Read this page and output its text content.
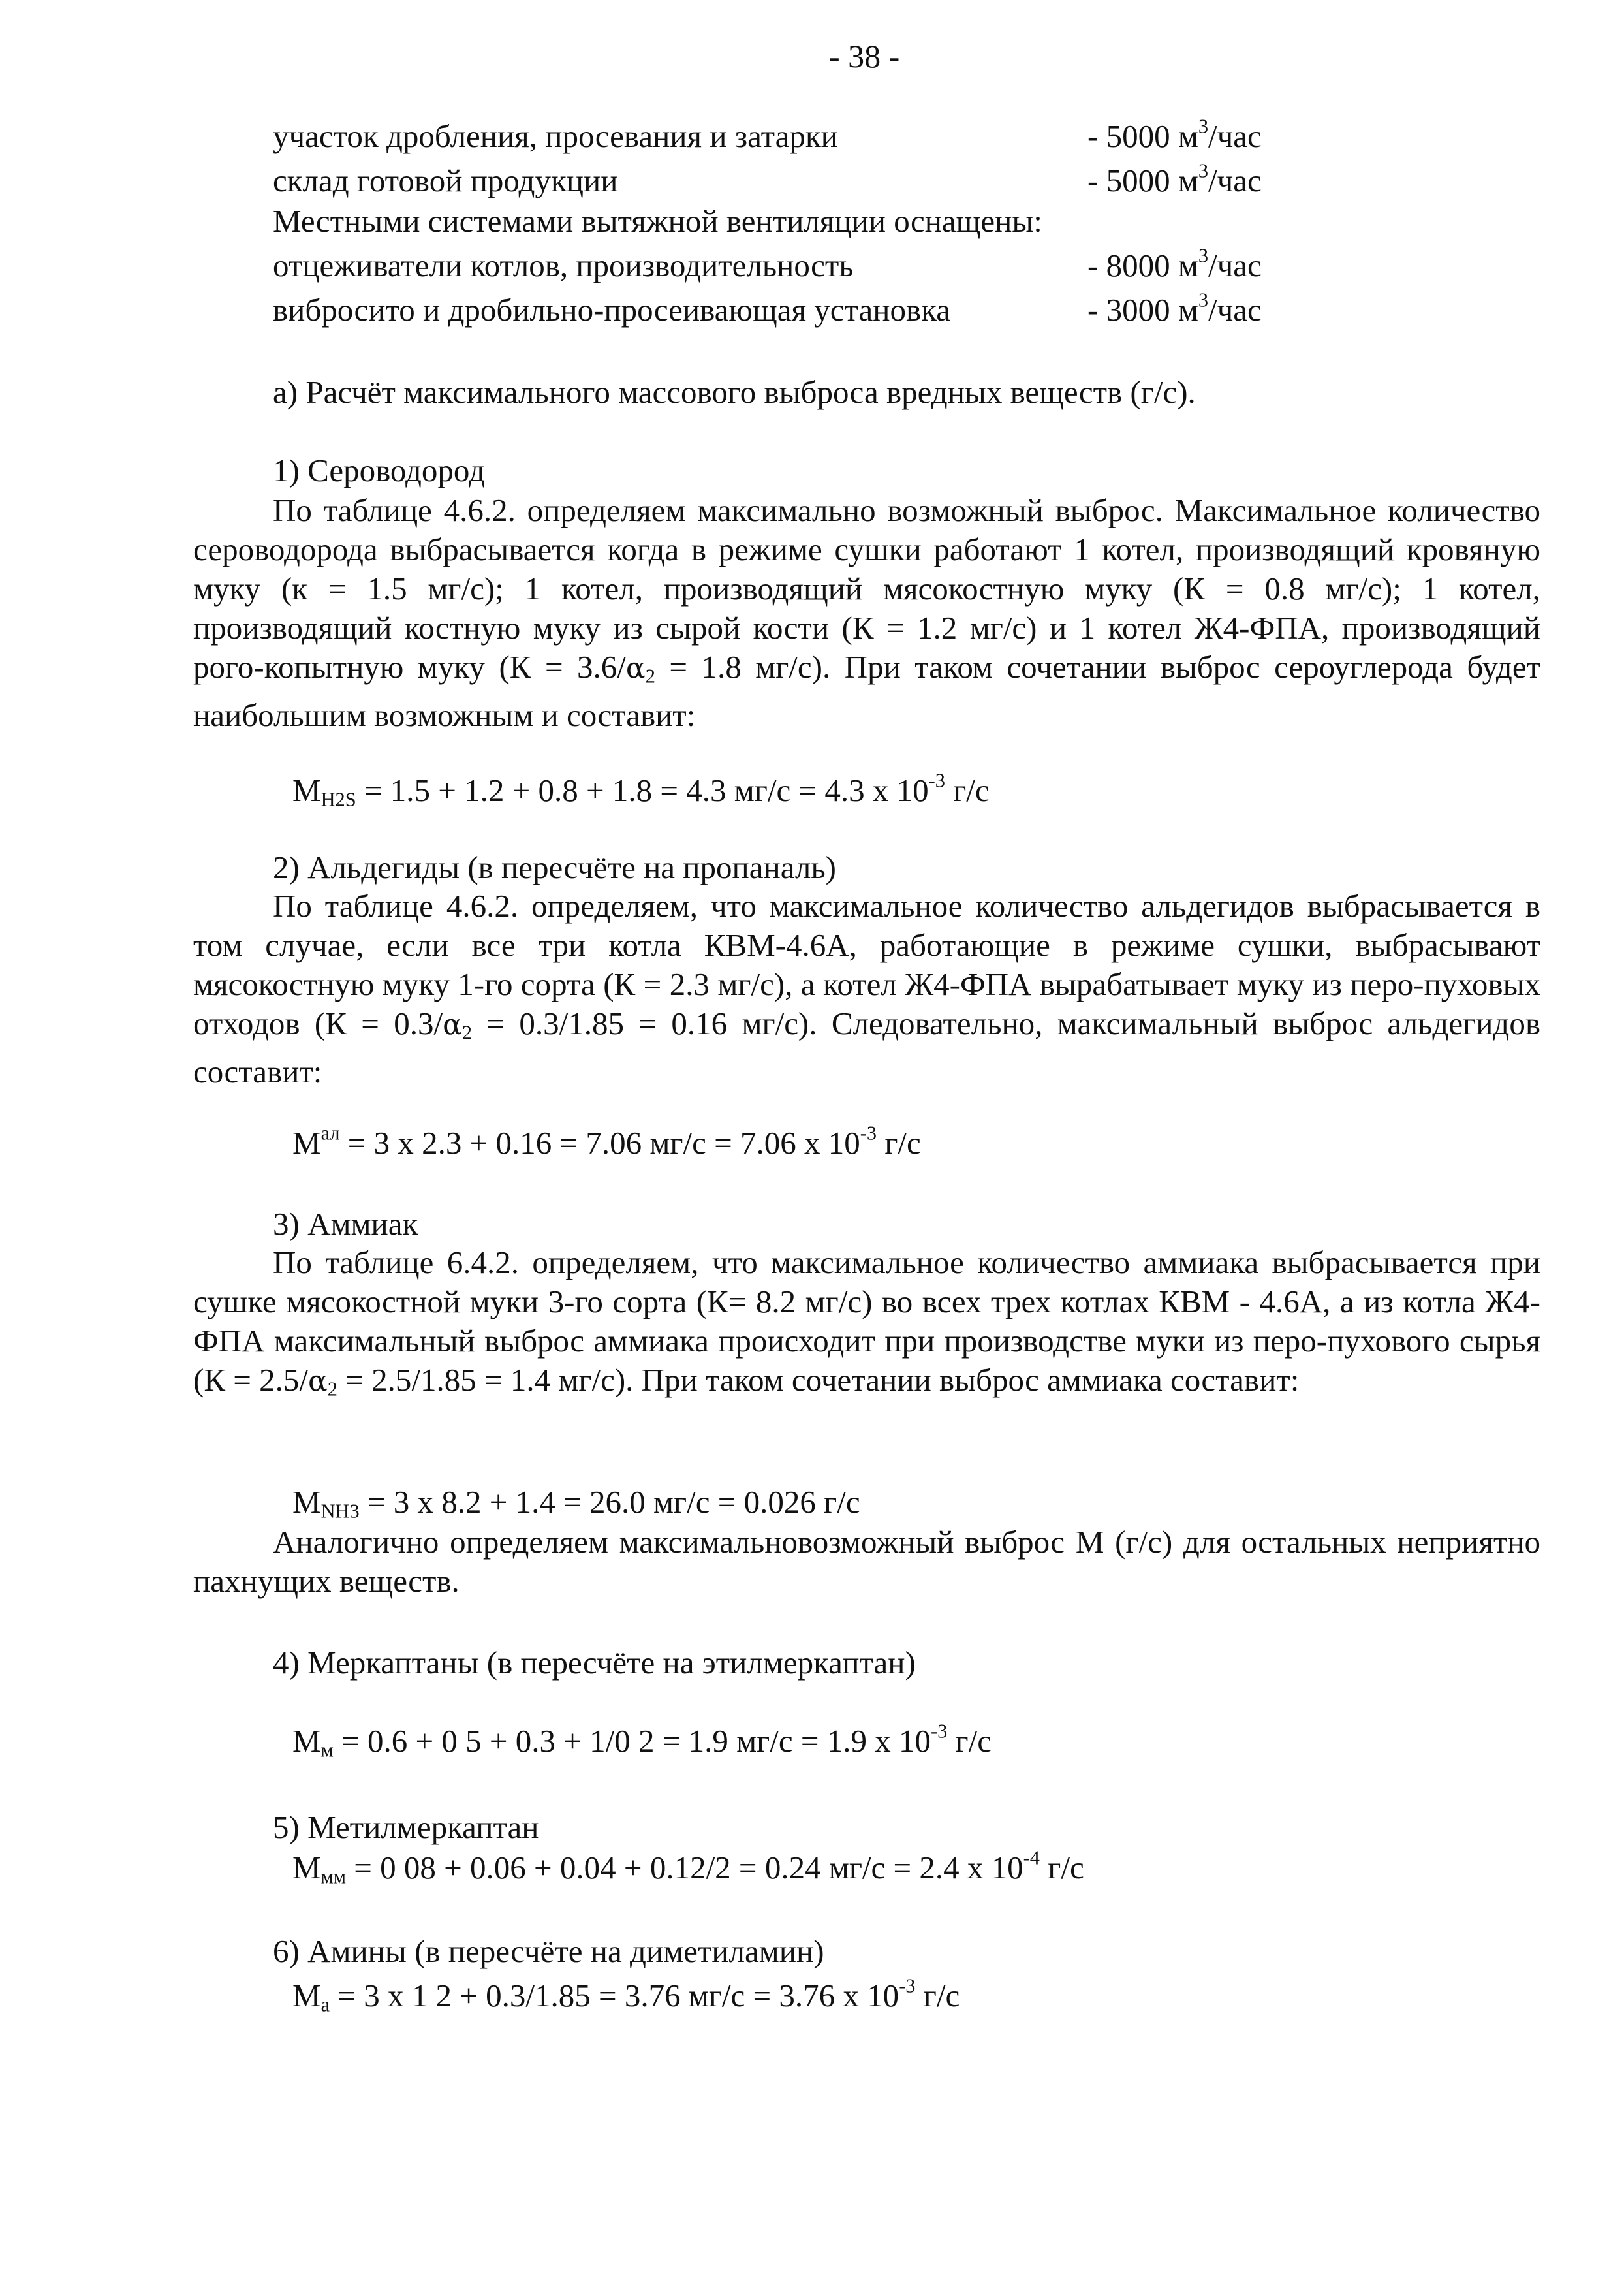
- 38 -
участок дробления, просевания и затарки	- 5000 $м^3$/час
склад готовой продукции	- 5000 $м^3$/час
Местными системами вытяжной вентиляции оснащены:
отцеживатели котлов, производительность	- 8000 $м^3$/час
вибросито и дробильно-просеивающая установка	- 3000 $м^3$/час
а) Расчёт максимального массового выброса вредных веществ (г/с).
1) Сероводород
По таблице 4.6.2. определяем максимально возможный выброс. Максимальное количество сероводорода выбрасывается когда в режиме сушки работают 1 котел, производящий кровяную муку (к = 1.5 мг/с); 1 котел, производящий мясокостную муку (К = 0.8 мг/с); 1 котел, производящий костную муку из сырой кости (К = 1.2 мг/с) и 1 котел Ж4-ФПА, производящий рого-копытную муку ($К = 3.6/\alpha_2 = 1.8$ мг/с). При таком сочетании выброс сероуглерода будет наибольшим возможным и составит:
$M_{H2S} = 1.5 + 1.2 + 0.8 + 1.8 = 4.3$ мг/с = 4.3 х $10^{-3}$ г/с
2) Альдегиды (в пересчёте на пропаналь)
По таблице 4.6.2. определяем, что максимальное количество альдегидов выбрасывается в том случае, если все три котла КВМ-4.6А, работающие в режиме сушки, выбрасывают мясокостную муку 1-го сорта (К = 2.3 мг/с), а котел Ж4-ФПА вырабатывает муку из перо-пуховых отходов ($К = 0.3/\alpha_2 = 0.3/1.85 = 0.16$ мг/с). Следовательно, максимальный выброс альдегидов составит:
$M^{ал} = 3$ х 2.3 + 0.16 = 7.06 мг/с = 7.06 х $10^{-3}$ г/с
3) Аммиак
По таблице 6.4.2. определяем, что максимальное количество аммиака выбрасывается при сушке мясокостной муки 3-го сорта (К= 8.2 мг/с) во всех трех котлах КВМ - 4.6А, а из котла Ж4-ФПА максимальный выброс аммиака происходит при производстве муки из перо-пухового сырья ($К = 2.5/\alpha_2 = 2.5/1.85 = 1.4$ мг/с). При таком сочетании выброс аммиака составит:
$M_{NH3} = 3$ х 8.2 + 1.4 = 26.0 мг/с = 0.026 г/с
Аналогично определяем максимальновозможный выброс М (г/с) для остальных неприятно пахнущих веществ.
4) Меркаптаны (в пересчёте на этилмеркаптан)
$M_м = 0.6 + 0$ 5 + 0.3 + 1/0 2 = 1.9 мг/с = 1.9 х $10^{-3}$ г/с
5) Метилмеркаптан
$M_{мм} = 0$ 08 + 0.06 + 0.04 + 0.12/2 = 0.24 мг/с = 2.4 х $10^{-4}$ г/с
6) Амины (в пересчёте на диметиламин)
$M_a = 3$ х 1 2 + 0.3/1.85 = 3.76 мг/с = 3.76 х $10^{-3}$ г/с
